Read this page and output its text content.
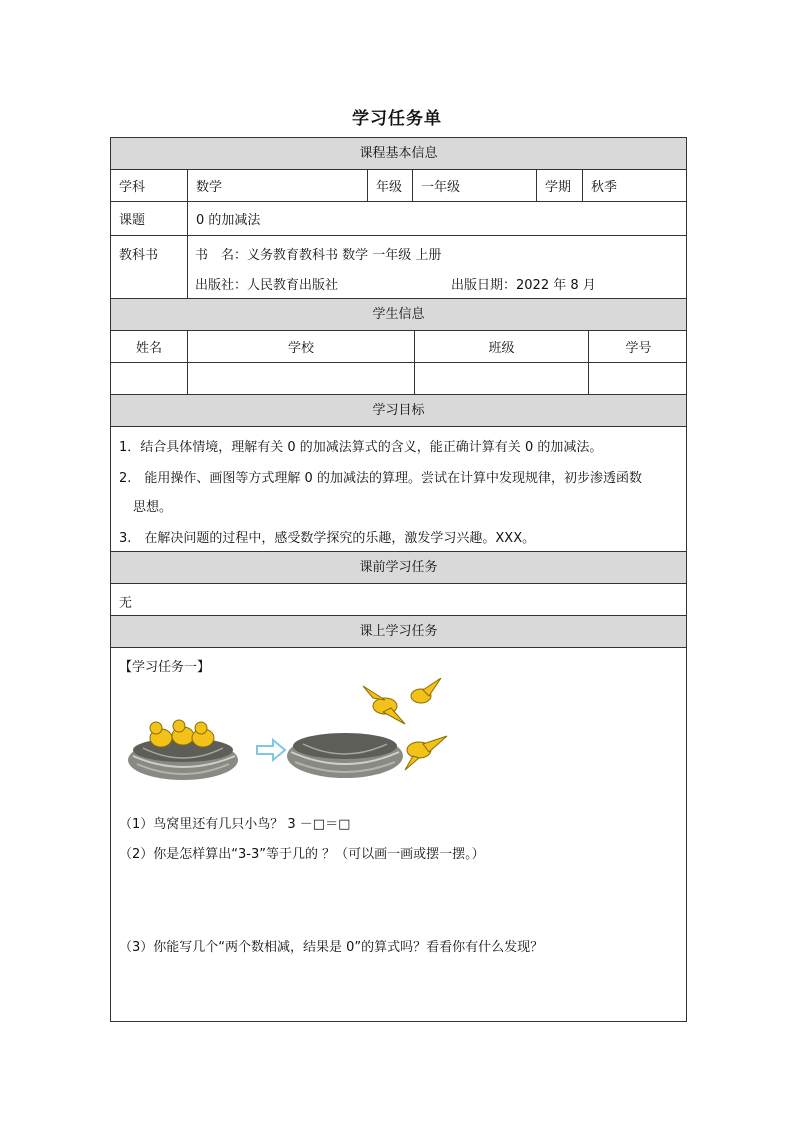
学习任务单
课程基本信息
学科	数学	年级	一年级	学期	秋季
课题	0 的加减法
教科书	书　名：义务教育教科书 数学 一年级 上册
出版社：人民教育出版社	出版日期：2022 年 8 月
学生信息
姓名	学校	班级	学号
学习目标
1．结合具体情境，理解有关 0 的加减法算式的含义，能正确计算有关 0 的加减法。
2.　能用操作、画图等方式理解 0 的加减法的算理。尝试在计算中发现规律，初步渗透函数
思想。
3.　在解决问题的过程中，感受数学探究的乐趣，激发学习兴趣。XXX。
课前学习任务
无
课上学习任务
【学习任务一】
（1）鸟窝里还有几只小鸟？ 3 －□＝□
（2）你是怎样算出“3-3”等于几的 ？（可以画一画或摆一摆。）
（3）你能写几个“两个数相减，结果是 0”的算式吗？看看你有什么发现？
